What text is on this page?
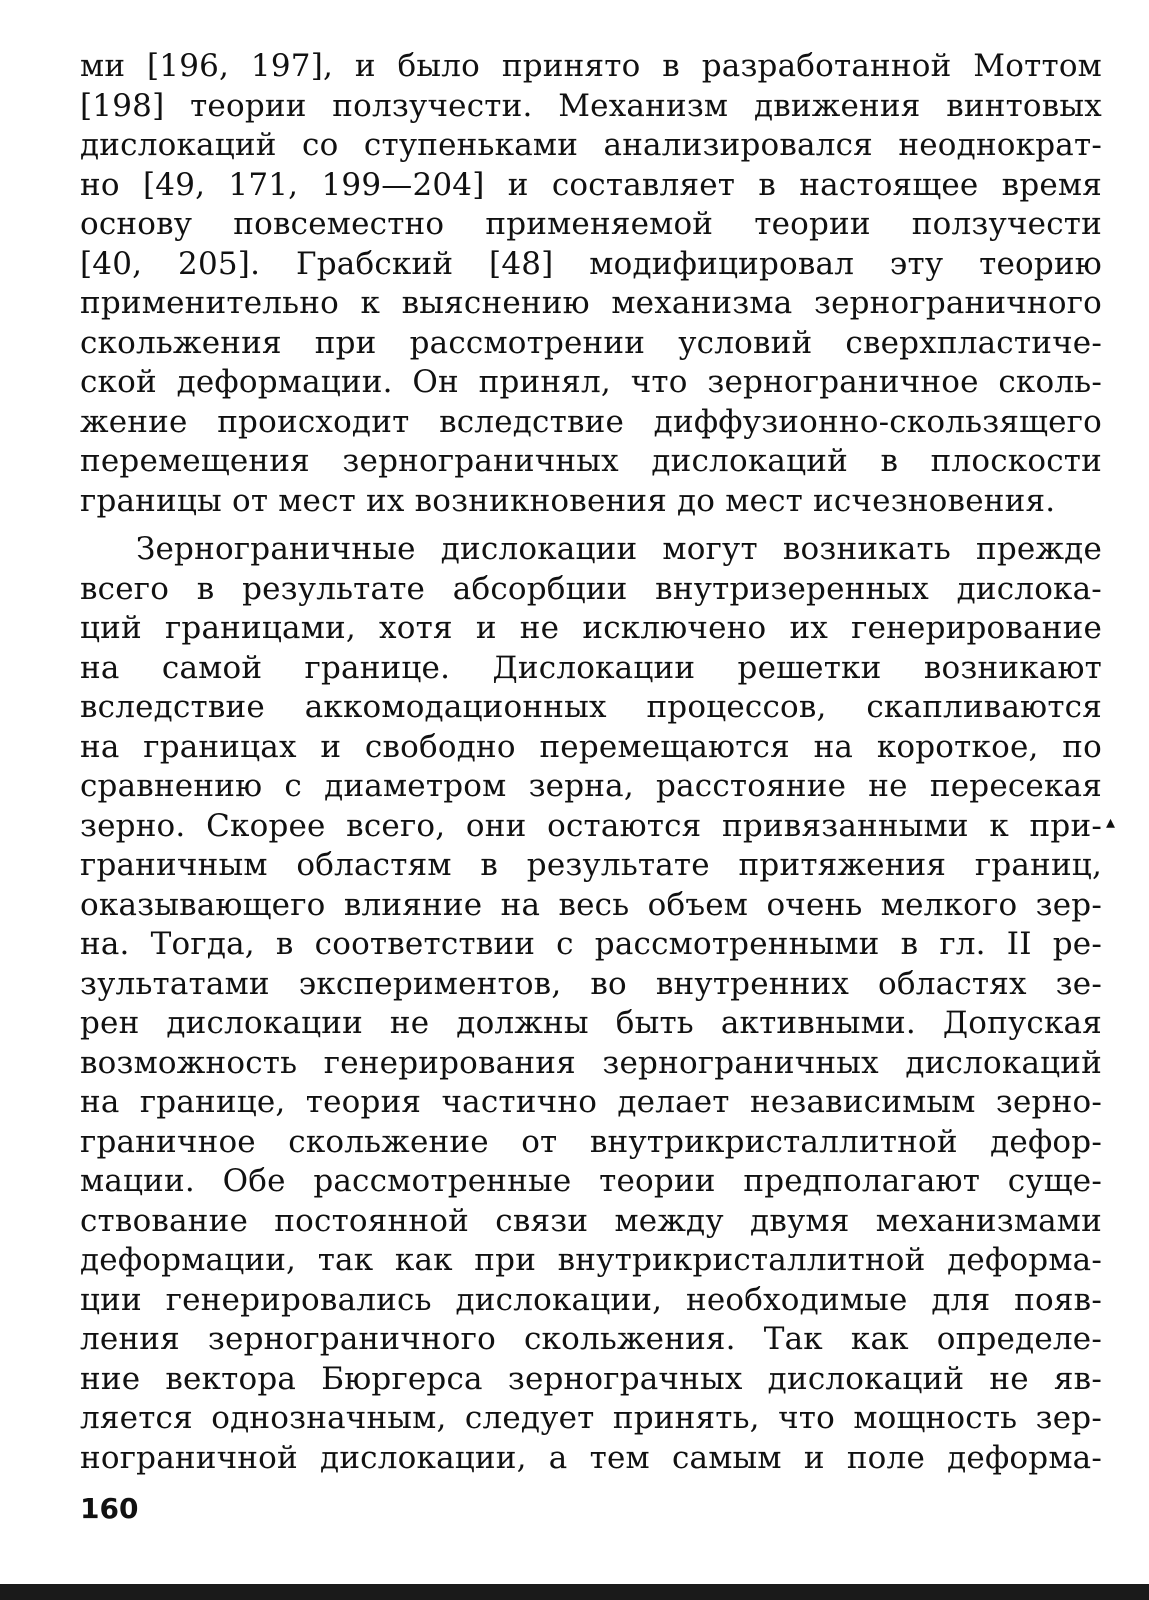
ми [196, 197], и было принято в разработанной Моттом
[198] теории ползучести. Механизм движения винтовых
дислокаций со ступеньками анализировался неоднократ-
но [49, 171, 199—204] и составляет в настоящее время
основу повсеместно применяемой теории ползучести
[40, 205]. Грабский [48] модифицировал эту теорию
применительно к выяснению механизма зернограничного
скольжения при рассмотрении условий сверхпластиче-
ской деформации. Он принял, что зернограничное сколь-
жение происходит вследствие диффузионно-скользящего
перемещения зернограничных дислокаций в плоскости
границы от мест их возникновения до мест исчезновения.
Зернограничные дислокации могут возникать прежде
всего в результате абсорбции внутризеренных дислока-
ций границами, хотя и не исключено их генерирование
на самой границе. Дислокации решетки возникают
вследствие аккомодационных процессов, скапливаются
на границах и свободно перемещаются на короткое, по
сравнению с диаметром зерна, расстояние не пересекая
зерно. Скорее всего, они остаются привязанными к при-
граничным областям в результате притяжения границ,
оказывающего влияние на весь объем очень мелкого зер-
на. Тогда, в соответствии с рассмотренными в гл. II ре-
зультатами экспериментов, во внутренних областях зе-
рен дислокации не должны быть активными. Допуская
возможность генерирования зернограничных дислокаций
на границе, теория частично делает независимым зерно-
граничное скольжение от внутрикристаллитной дефор-
мации. Обе рассмотренные теории предполагают суще-
ствование постоянной связи между двумя механизмами
деформации, так как при внутрикристаллитной деформа-
ции генерировались дислокации, необходимые для появ-
ления зернограничного скольжения. Так как определе-
ние вектора Бюргерса зернограчных дислокаций не яв-
ляется однозначным, следует принять, что мощность зер-
нограничной дислокации, а тем самым и поле деформа-
▴
160
